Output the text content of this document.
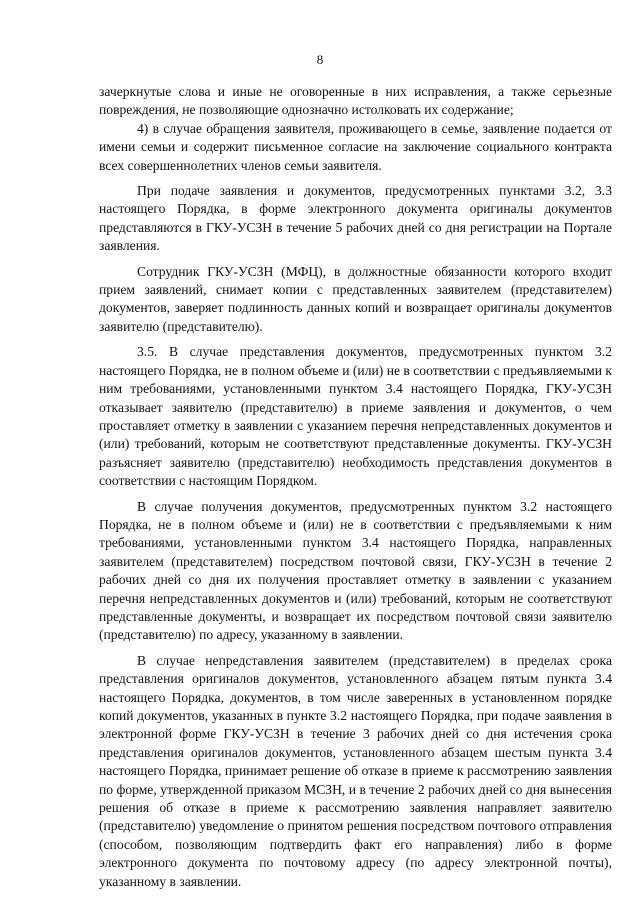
8

зачеркнутые слова и иные не оговоренные в них исправления, а также серьезные повреждения, не позволяющие однозначно истолковать их содержание;

4) в случае обращения заявителя, проживающего в семье, заявление подается от имени семьи и содержит письменное согласие на заключение социального контракта всех совершеннолетних членов семьи заявителя.

При подаче заявления и документов, предусмотренных пунктами 3.2, 3.3 настоящего Порядка, в форме электронного документа оригиналы документов представляются в ГКУ-УСЗН в течение 5 рабочих дней со дня регистрации на Портале заявления.

Сотрудник ГКУ-УСЗН (МФЦ), в должностные обязанности которого входит прием заявлений, снимает копии с представленных заявителем (представителем) документов, заверяет подлинность данных копий и возвращает оригиналы документов заявителю (представителю).

3.5. В случае представления документов, предусмотренных пунктом 3.2 настоящего Порядка, не в полном объеме и (или) не в соответствии с предъявляемыми к ним требованиями, установленными пунктом 3.4 настоящего Порядка, ГКУ-УСЗН отказывает заявителю (представителю) в приеме заявления и документов, о чем проставляет отметку в заявлении с указанием перечня непредставленных документов и (или) требований, которым не соответствуют представленные документы. ГКУ-УСЗН разъясняет заявителю (представителю) необходимость представления документов в соответствии с настоящим Порядком.

В случае получения документов, предусмотренных пунктом 3.2 настоящего Порядка, не в полном объеме и (или) не в соответствии с предъявляемыми к ним требованиями, установленными пунктом 3.4 настоящего Порядка, направленных заявителем (представителем) посредством почтовой связи, ГКУ-УСЗН в течение 2 рабочих дней со дня их получения проставляет отметку в заявлении с указанием перечня непредставленных документов и (или) требований, которым не соответствуют представленные документы, и возвращает их посредством почтовой связи заявителю (представителю) по адресу, указанному в заявлении.

В случае непредставления заявителем (представителем) в пределах срока представления оригиналов документов, установленного абзацем пятым пункта 3.4 настоящего Порядка, документов, в том числе заверенных в установленном порядке копий документов, указанных в пункте 3.2 настоящего Порядка, при подаче заявления в электронной форме ГКУ-УСЗН в течение 3 рабочих дней со дня истечения срока представления оригиналов документов, установленного абзацем шестым пункта 3.4 настоящего Порядка, принимает решение об отказе в приеме к рассмотрению заявления по форме, утвержденной приказом МСЗН, и в течение 2 рабочих дней со дня вынесения решения об отказе в приеме к рассмотрению заявления направляет заявителю (представителю) уведомление о принятом решения посредством почтового отправления (способом, позволяющим подтвердить факт его направления) либо в форме электронного документа по почтовому адресу (по адресу электронной почты), указанному в заявлении.
